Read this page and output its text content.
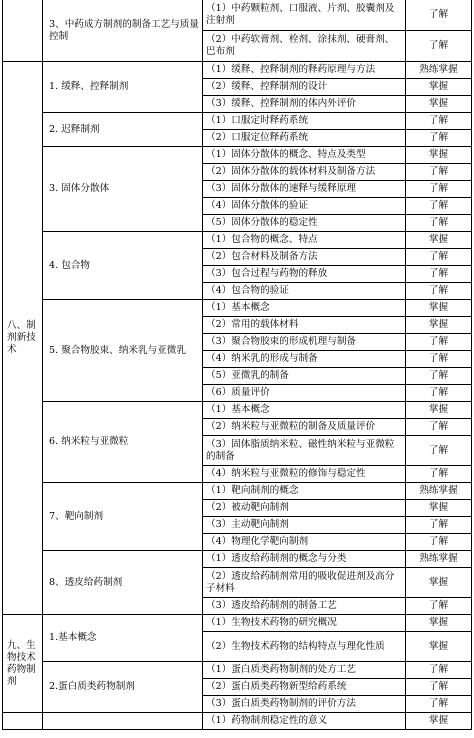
	3、中药成方制剂的制备工艺与质量控制	（1）中药颗粒剂、口服液、片剂、胶囊剂及注射剂	了解
		（2）中药软膏剂、栓剂、涂抹剂、硬膏剂、巴布剂	了解
八、制剂新技术	1. 缓释、控释制剂	（1）缓释、控释制剂的释药原理与方法	熟练掌握
		（2）缓释、控释制剂的设计	掌握
		（3）缓释、控释制剂的体内外评价	掌握
	2. 迟释制剂	（1）口服定时释药系统	了解
		（2）口服定位释药系统	了解
	3. 固体分散体	（1）固体分散体的概念、特点及类型	掌握
		（2）固体分散体的载体材料及制备方法	了解
		（3）固体分散体的速释与缓释原理	了解
		（4）固体分散体的验证	了解
		（5）固体分散体的稳定性	了解
	4. 包合物	（1）包合物的概念、特点	掌握
		（2）包合材料及制备方法	了解
		（3）包合过程与药物的释放	了解
		（4）包合物的验证	了解
	5. 聚合物胶束、纳米乳与亚微乳	（1）基本概念	掌握
		（2）常用的载体材料	掌握
		（3）聚合物胶束的形成机理与制备	了解
		（4）纳米乳的形成与制备	了解
		（5）亚微乳的制备	了解
		（6）质量评价	了解
	6. 纳米粒与亚微粒	（1）基本概念	掌握
		（2）纳米粒与亚微粒的制备及质量评价	了解
		（3）固体脂质纳米粒、磁性纳米粒与亚微粒的制备	了解
		（4）纳米粒与亚微粒的修饰与稳定性	了解
	7、靶向制剂	（1）靶向制剂的概念	熟练掌握
		（2）被动靶向制剂	掌握
		（3）主动靶向制剂	了解
		（4）物理化学靶向制剂	了解
	8、透皮给药制剂	（1）透皮给药制剂的概念与分类	熟练掌握
		（2）透皮给药制剂常用的吸收促进剂及高分子材料	掌握
		（3）透皮给药制剂的制备工艺	了解
九、生物技术药物制剂	1.基本概念	（1）生物技术药物的研究概况	掌握
		（2）生物技术药物的结构特点与理化性质	掌握
	2.蛋白质类药物制剂	（1）蛋白质类药物制剂的处方工艺	了解
		（2）蛋白质类药物新型给药系统	了解
		（3）蛋白质类药物制剂的评价方法	了解
		（1）药物制剂稳定性的意义	掌握
